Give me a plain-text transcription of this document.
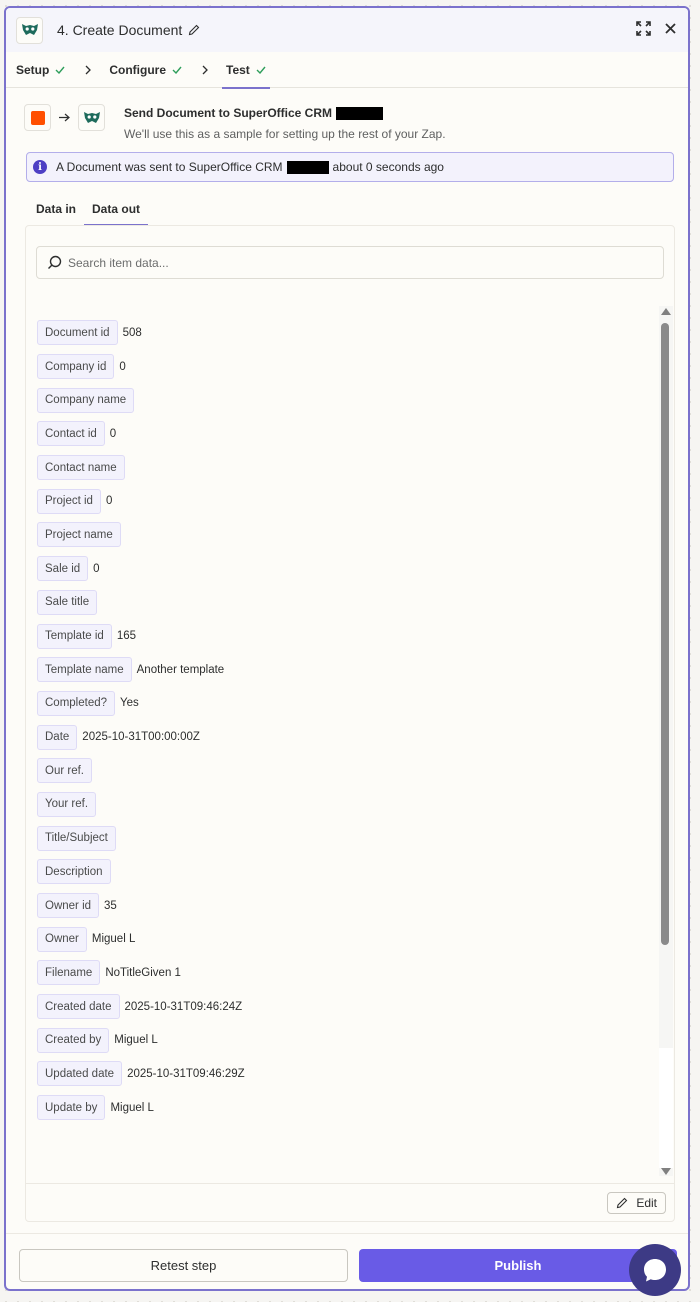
4. Create Document
Setup	Configure	Test
Send Document to SuperOffice CRM
We'll use this as a sample for setting up the rest of your Zap.
i	A Document was sent to SuperOffice CRM	about 0 seconds ago
Data in	Data out
Search item data...
Document id	508
Company id	0
Company name
Contact id	0
Contact name
Project id	0
Project name
Sale id	0
Sale title
Template id	165
Template name	Another template
Completed?	Yes
Date	2025-10-31T00:00:00Z
Our ref.
Your ref.
Title/Subject
Description
Owner id	35
Owner	Miguel L
Filename	NoTitleGiven 1
Created date	2025-10-31T09:46:24Z
Created by	Miguel L
Updated date	2025-10-31T09:46:29Z
Update by	Miguel L
Edit
Retest step	Publish
